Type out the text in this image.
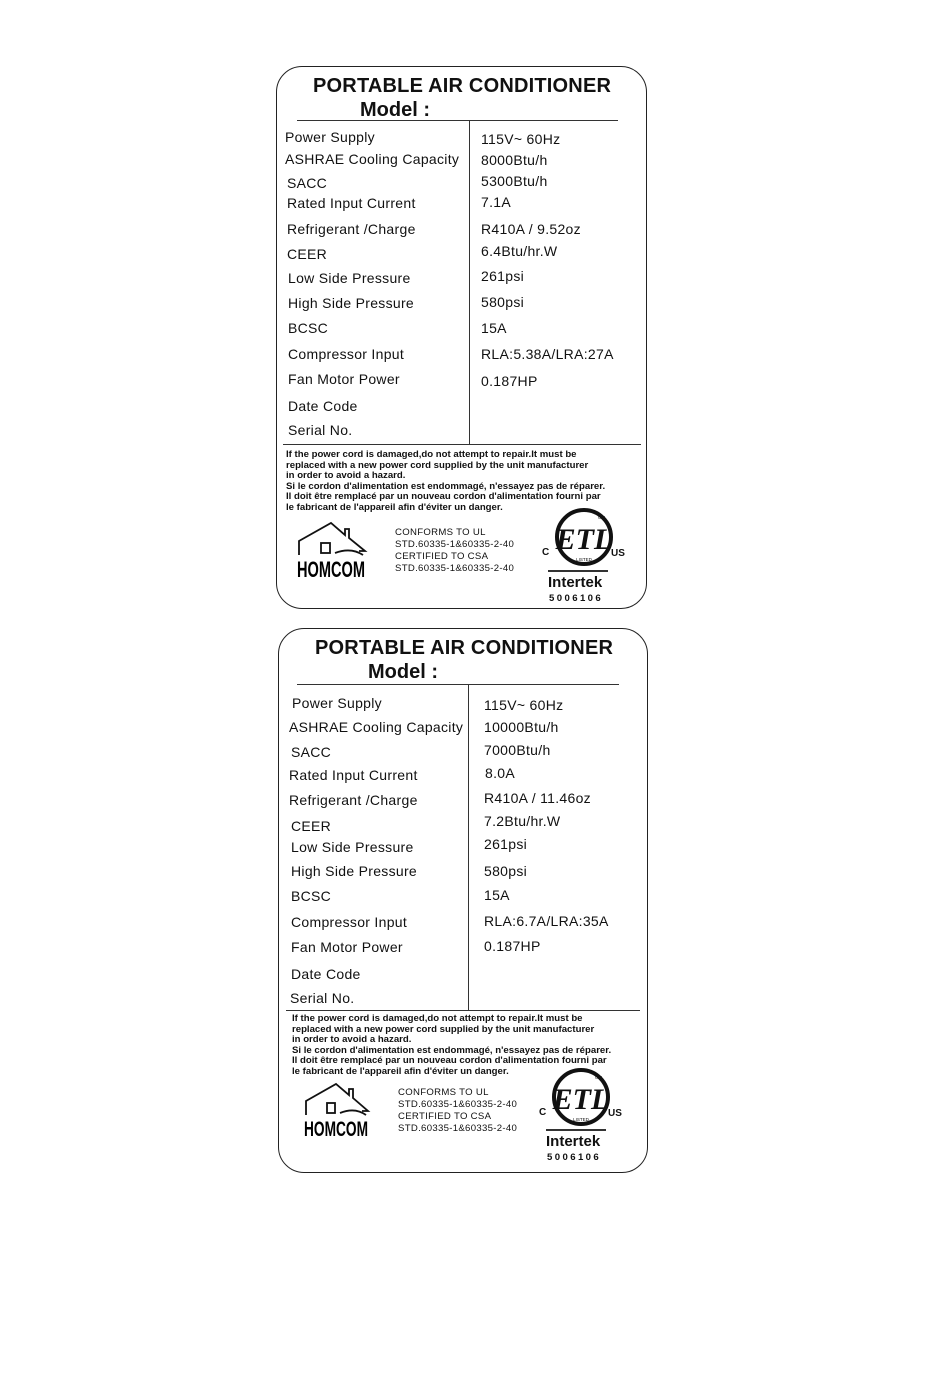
PORTABLE AIR CONDITIONER
Model :
Power Supply	115V~ 60Hz
ASHRAE Cooling Capacity 8000Btu/h
SACC	5300Btu/h
Rated Input Current	7.1A
Refrigerant /Charge	R410A / 9.52oz
CEER	6.4Btu/hr.W
Low Side Pressure	261psi
High Side Pressure	580psi
BCSC	15A
Compressor Input	RLA:5.38A/LRA:27A
Fan Motor Power	0.187HP
Date Code
Serial No.
If the power cord is damaged,do not attempt to repair.It must be
replaced with a new power cord supplied by the unit manufacturer
in order to avoid a hazard.
Si le cordon d'alimentation est endommagé, n'essayez pas de réparer.
Il doit être remplacé par un nouveau cordon d'alimentation fourni par
le fabricant de l'appareil afin d'éviter un danger.
HOMCOM
CONFORMS TO UL
STD.60335-1&60335-2-40
CERTIFIED TO CSA
STD.60335-1&60335-2-40
ETL
C	US
LISTED
CM
Intertek
5006106
PORTABLE AIR CONDITIONER
Model :
Power Supply	115V~ 60Hz
ASHRAE Cooling Capacity 10000Btu/h
SACC	7000Btu/h
Rated Input Current	8.0A
Refrigerant /Charge	R410A / 11.46oz
CEER	7.2Btu/hr.W
Low Side Pressure	261psi
High Side Pressure	580psi
BCSC	15A
Compressor Input	RLA:6.7A/LRA:35A
Fan Motor Power	0.187HP
Date Code
Serial No.
If the power cord is damaged,do not attempt to repair.It must be
replaced with a new power cord supplied by the unit manufacturer
in order to avoid a hazard.
Si le cordon d'alimentation est endommagé, n'essayez pas de réparer.
Il doit être remplacé par un nouveau cordon d'alimentation fourni par
le fabricant de l'appareil afin d'éviter un danger.
HOMCOM
CONFORMS TO UL
STD.60335-1&60335-2-40
CERTIFIED TO CSA
STD.60335-1&60335-2-40
ETL
C	US
LISTED
CM
Intertek
5006106
